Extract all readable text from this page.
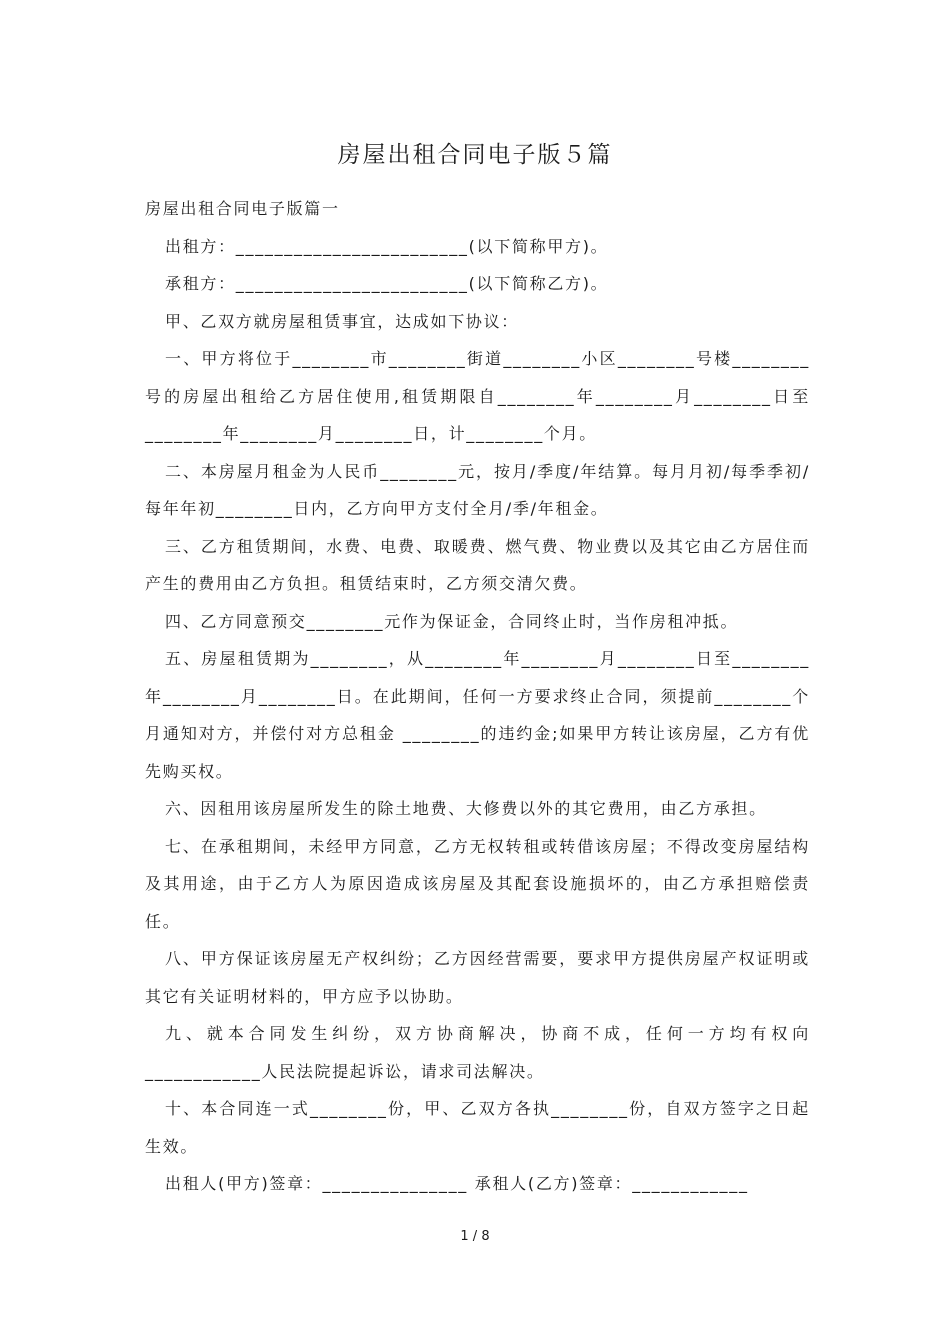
房屋出租合同电子版５篇

房屋出租合同电子版篇一

出租方：________________________(以下简称甲方)。

承租方：________________________(以下简称乙方)。

甲、乙双方就房屋租赁事宜，达成如下协议：

一、甲方将位于________市________街道________小区________号楼________号的房屋出租给乙方居住使用,租赁期限自________年________月________日至________年________月________日，计________个月。

二、本房屋月租金为人民币________元，按月/季度/年结算。每月月初/每季季初/每年年初________日内，乙方向甲方支付全月/季/年租金。

三、乙方租赁期间，水费、电费、取暖费、燃气费、物业费以及其它由乙方居住而产生的费用由乙方负担。租赁结束时，乙方须交清欠费。

四、乙方同意预交________元作为保证金，合同终止时，当作房租冲抵。

五、房屋租赁期为________，从________年________月________日至________年________月________日。在此期间，任何一方要求终止合同，须提前________个月通知对方，并偿付对方总租金 ________的违约金;如果甲方转让该房屋，乙方有优先购买权。

六、因租用该房屋所发生的除土地费、大修费以外的其它费用，由乙方承担。

七、在承租期间，未经甲方同意，乙方无权转租或转借该房屋；不得改变房屋结构及其用途，由于乙方人为原因造成该房屋及其配套设施损坏的，由乙方承担赔偿责任。

八、甲方保证该房屋无产权纠纷；乙方因经营需要，要求甲方提供房屋产权证明或其它有关证明材料的，甲方应予以协助。

九、就本合同发生纠纷，双方协商解决，协商不成，任何一方均有权向____________人民法院提起诉讼，请求司法解决。

十、本合同连一式________份，甲、乙双方各执________份，自双方签字之日起生效。

出租人(甲方)签章：_______________ 承租人(乙方)签章：____________

1 / 8
